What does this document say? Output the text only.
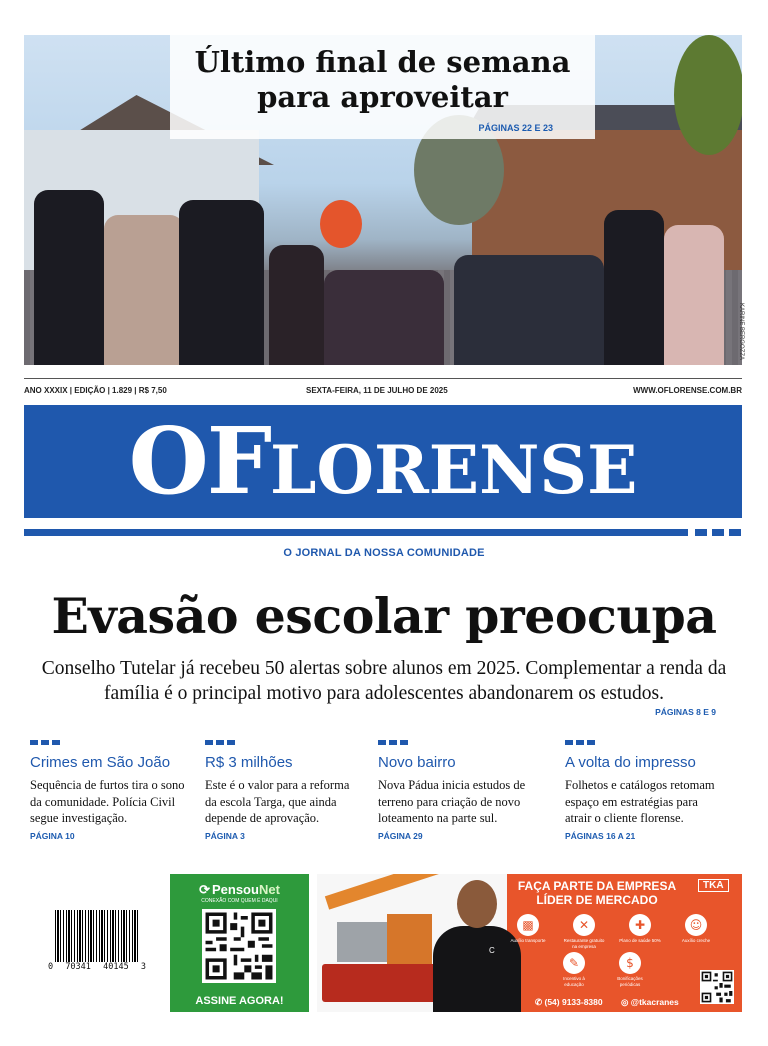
Último final de semana
para aproveitar
PÁGINAS 22 E 23
KARINE BERGOZZA
ANO XXXIX | EDIÇÃO | 1.829 | R$ 7,50	SEXTA-FEIRA, 11 DE JULHO DE 2025	WWW.OFLORENSE.COM.BR
OFLORENSE
O JORNAL DA NOSSA COMUNIDADE
Evasão escolar preocupa
Conselho Tutelar já recebeu 50 alertas sobre alunos em 2025. Complementar a renda da família é o principal motivo para adolescentes abandonarem os estudos.
PÁGINAS 8 E 9
Crimes em São João
Sequência de furtos tira o sono da comunidade. Polícia Civil segue investigação.
PÁGINA 10
R$ 3 milhões
Este é o valor para a reforma da escola Targa, que ainda depende de aprovação.
PÁGINA 3
Novo bairro
Nova Pádua inicia estudos de terreno para criação de novo loteamento na parte sul.
PÁGINA 29
A volta do impresso
Folhetos e catálogos retomam espaço em estratégias para atrair o cliente florense.
PÁGINAS 16 A 21
0 70341 40145 3
⟳ PensouNet
CONEXÃO COM QUEM É DAQUI
ASSINE AGORA!
C
FAÇA PARTE DA EMPRESA
LÍDER DE MERCADO
TKA
▩
Auxílio transporte
✕
Restaurante gratuito na empresa
✚
Plano de saúde 50%
☺
Auxílio creche
✎
Incentivo à educação
$
Bonificações periódicas
✆ (54) 9133-8380 ◎ @tkacranes
